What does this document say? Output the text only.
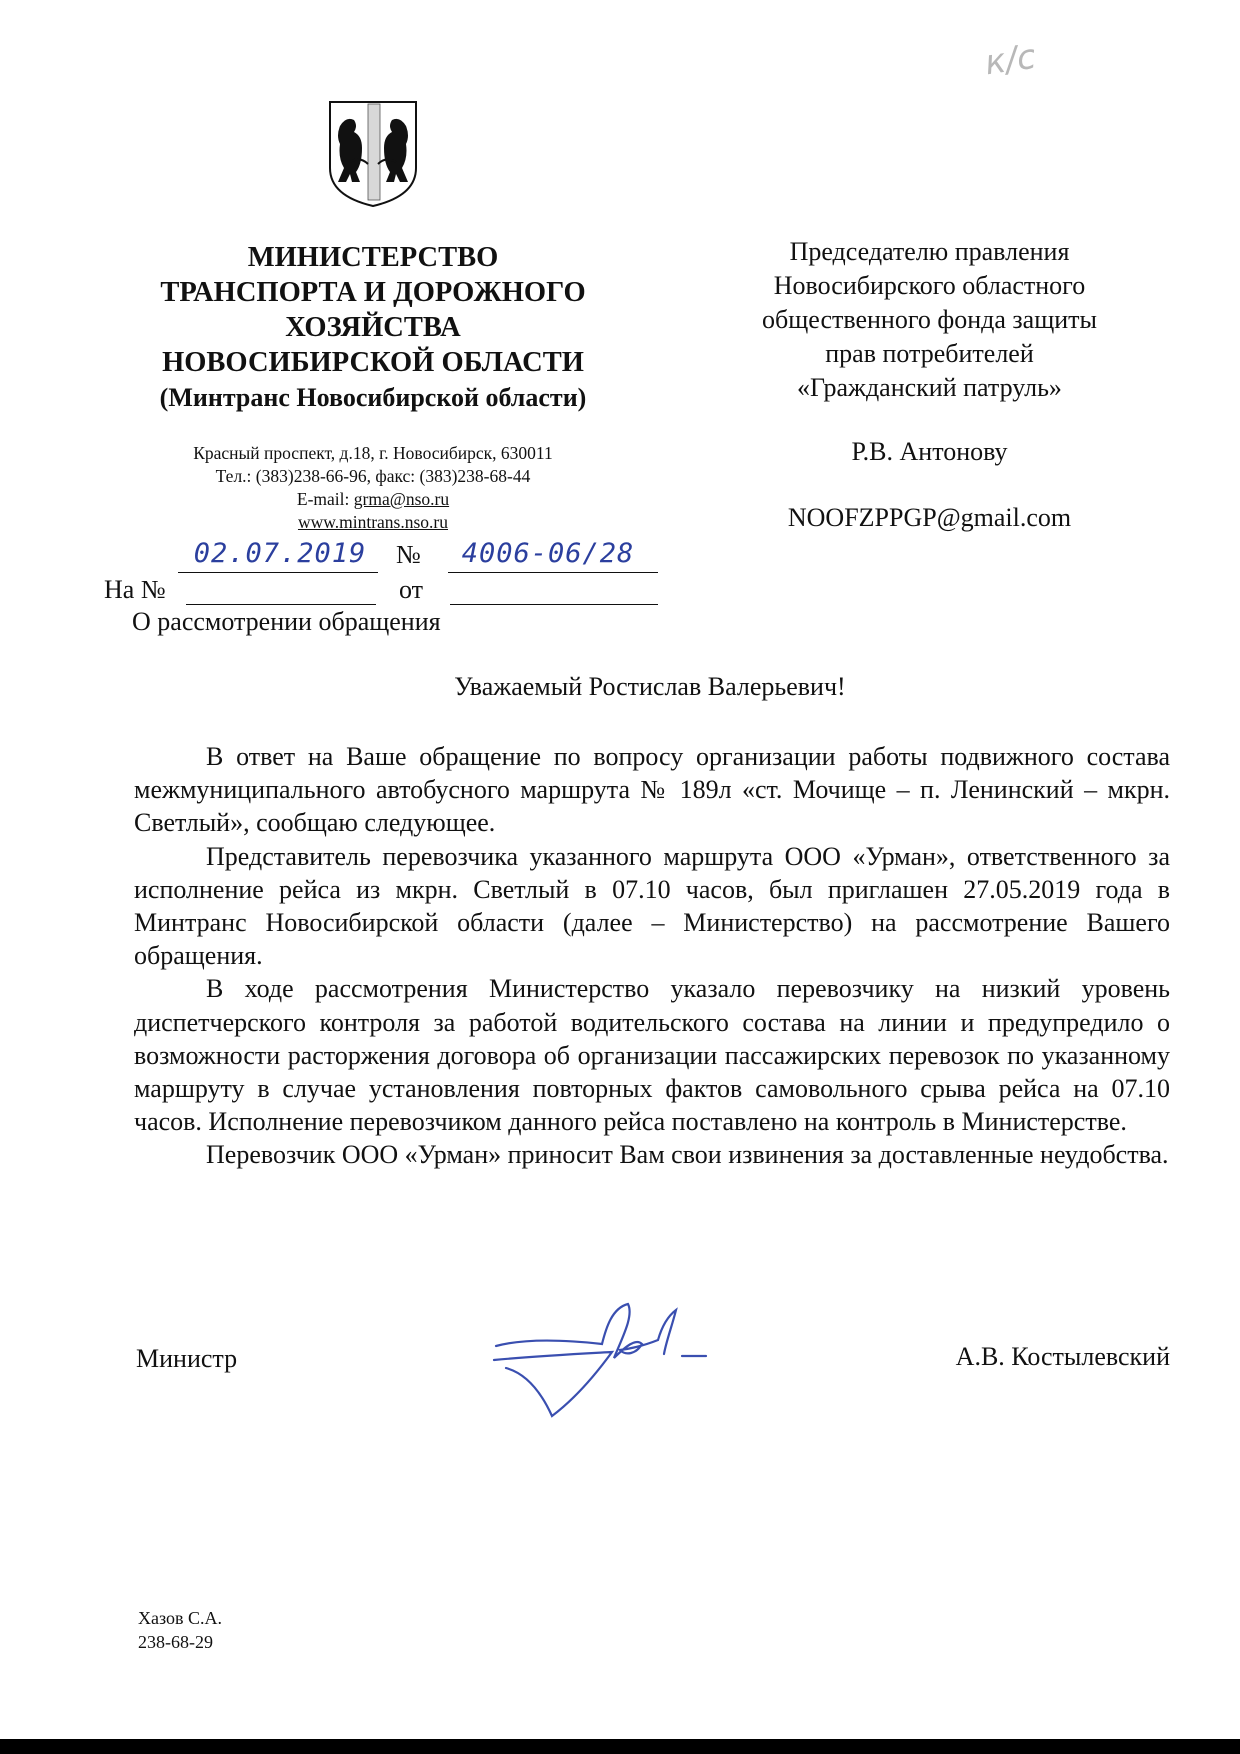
к/с
МИНИСТЕРСТВО
ТРАНСПОРТА И ДОРОЖНОГО
ХОЗЯЙСТВА
НОВОСИБИРСКОЙ ОБЛАСТИ
(Минтранс Новосибирской области)
Красный проспект, д.18, г. Новосибирск, 630011
Тел.: (383)238-66-96, факс: (383)238-68-44
E-mail: grma@nso.ru
www.mintrans.nso.ru
Председателю правления
Новосибирского областного
общественного фонда защиты
прав потребителей
«Гражданский патруль»
Р.В. Антонову
NOOFZPPGP@gmail.com
02.07.2019	№	4006-06/28
На №	от
О рассмотрении обращения
Уважаемый Ростислав Валерьевич!

В ответ на Ваше обращение по вопросу организации работы подвижного состава межмуниципального автобусного маршрута № 189л «ст. Мочище – п. Ленинский – мкрн. Светлый», сообщаю следующее.

Представитель перевозчика указанного маршрута ООО «Урман», ответственного за исполнение рейса из мкрн. Светлый в 07.10 часов, был приглашен 27.05.2019 года в Минтранс Новосибирской области (далее – Министерство) на рассмотрение Вашего обращения.

В ходе рассмотрения Министерство указало перевозчику на низкий уровень диспетчерского контроля за работой водительского состава на линии и предупредило о возможности расторжения договора об организации пассажирских перевозок по указанному маршруту в случае установления повторных фактов самовольного срыва рейса на 07.10 часов. Исполнение перевозчиком данного рейса поставлено на контроль в Министерстве.

Перевозчик ООО «Урман» приносит Вам свои извинения за доставленные неудобства.

Министр	А.В. Костылевский
Хазов С.А.
238-68-29
